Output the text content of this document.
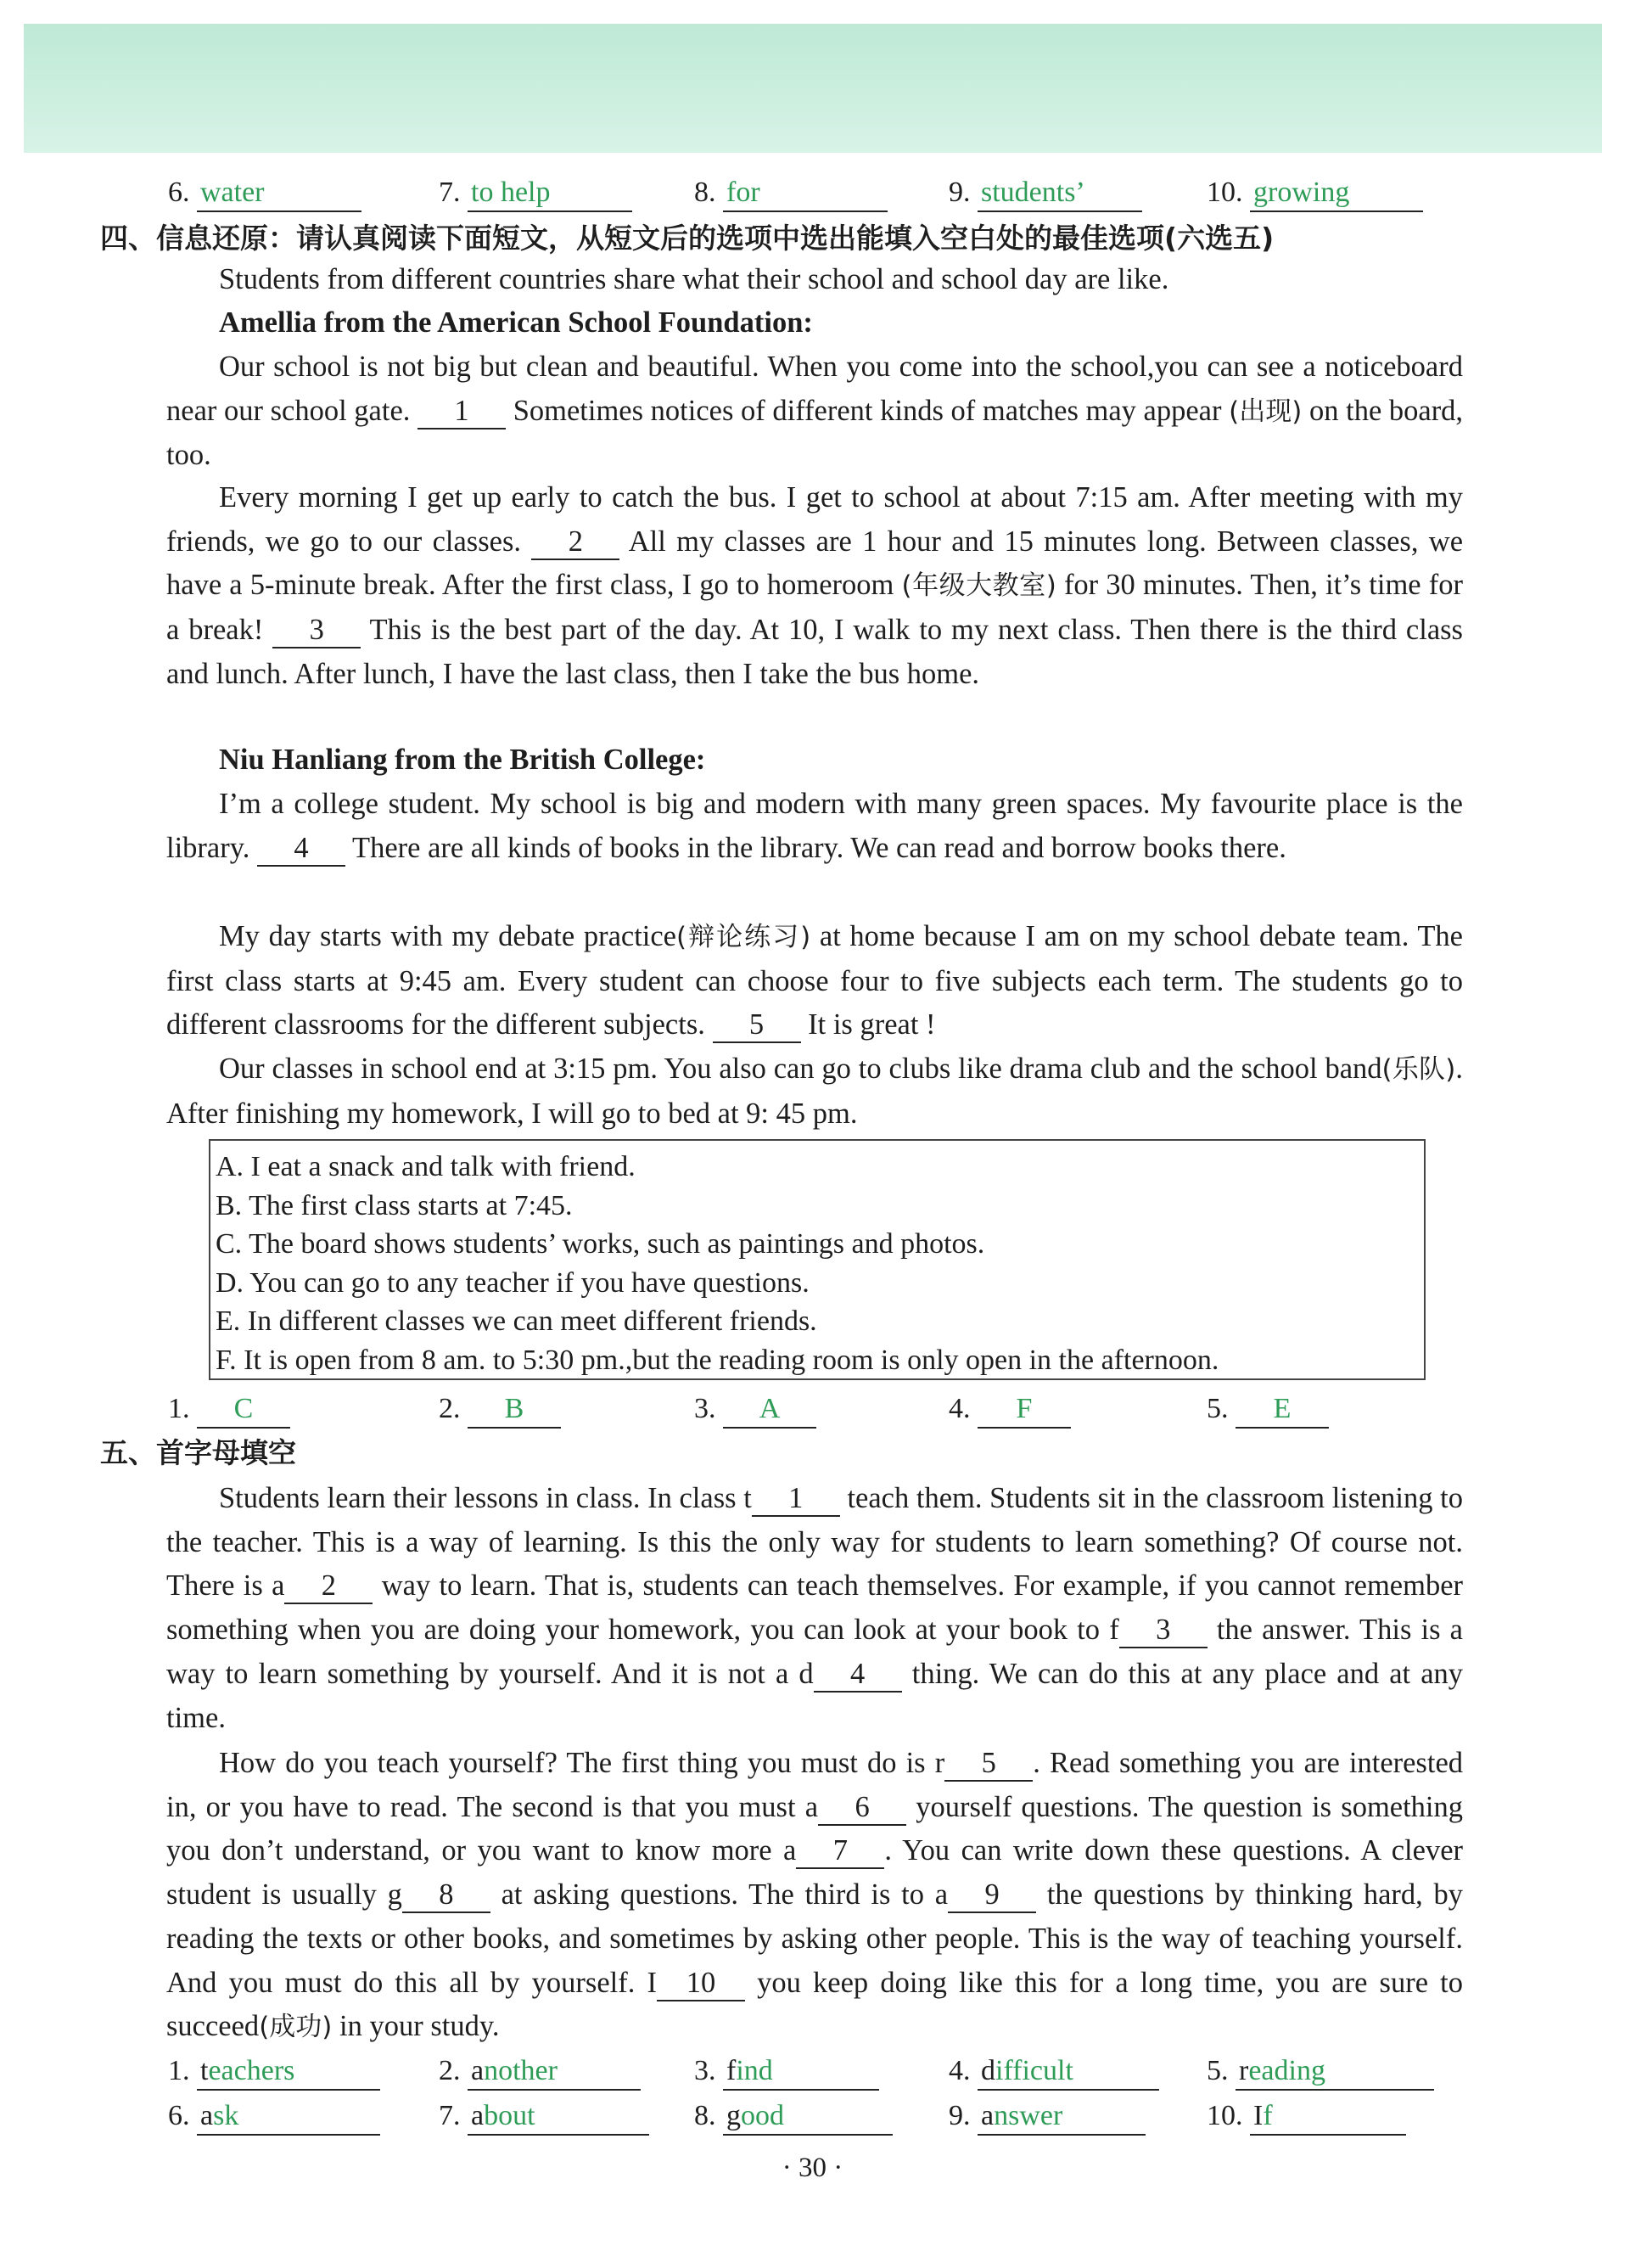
6. water	7. to help	8. for	9. students’	10. growing
四、信息还原：请认真阅读下面短文，从短文后的选项中选出能填入空白处的最佳选项(六选五)
Students from different countries share what their school and school day are like.
Amellia from the American School Foundation:
Our school is not big but clean and beautiful. When you come into the school,you can see a noticeboard near our school gate. 1 Sometimes notices of different kinds of matches may appear (出现) on the board, too.
Every morning I get up early to catch the bus. I get to school at about 7:15 am. After meeting with my friends, we go to our classes. 2 All my classes are 1 hour and 15 minutes long. Between classes, we have a 5-minute break. After the first class, I go to homeroom (年级大教室) for 30 minutes. Then, it’s time for a break! 3 This is the best part of the day. At 10, I walk to my next class. Then there is the third class and lunch. After lunch, I have the last class, then I take the bus home.
Niu Hanliang from the British College:
I’m a college student. My school is big and modern with many green spaces. My favourite place is the library. 4 There are all kinds of books in the library. We can read and borrow books there.
My day starts with my debate practice(辩论练习) at home because I am on my school debate team. The first class starts at 9:45 am. Every student can choose four to five subjects each term. The students go to different classrooms for the different subjects. 5 It is great !
Our classes in school end at 3:15 pm. You also can go to clubs like drama club and the school band(乐队). After finishing my homework, I will go to bed at 9: 45 pm.
A. I eat a snack and talk with friend.
B. The first class starts at 7:45.
C. The board shows students’ works, such as paintings and photos.
D. You can go to any teacher if you have questions.
E. In different classes we can meet different friends.
F. It is open from 8 am. to 5:30 pm.,but the reading room is only open in the afternoon.
1. C	2. B	3. A	4. F	5. E
五、首字母填空
Students learn their lessons in class. In class t 1 teach them. Students sit in the classroom listening to the teacher. This is a way of learning. Is this the only way for students to learn something? Of course not. There is a 2 way to learn. That is, students can teach themselves. For example, if you cannot remember something when you are doing your homework, you can look at your book to f 3 the answer. This is a way to learn something by yourself. And it is not a d 4 thing. We can do this at any place and at any time.
How do you teach yourself? The first thing you must do is r 5 . Read something you are interested in, or you have to read. The second is that you must a 6 yourself questions. The question is something you don’t understand, or you want to know more a 7 . You can write down these questions. A clever student is usually g 8 at asking questions. The third is to a 9 the questions by thinking hard, by reading the texts or other books, and sometimes by asking other people. This is the way of teaching yourself. And you must do this all by yourself. I 10 you keep doing like this for a long time, you are sure to succeed(成功) in your study.
1. teachers	2. another	3. find	4. difficult	5. reading
6. ask	7. about	8. good	9. answer	10. If
· 30 ·
